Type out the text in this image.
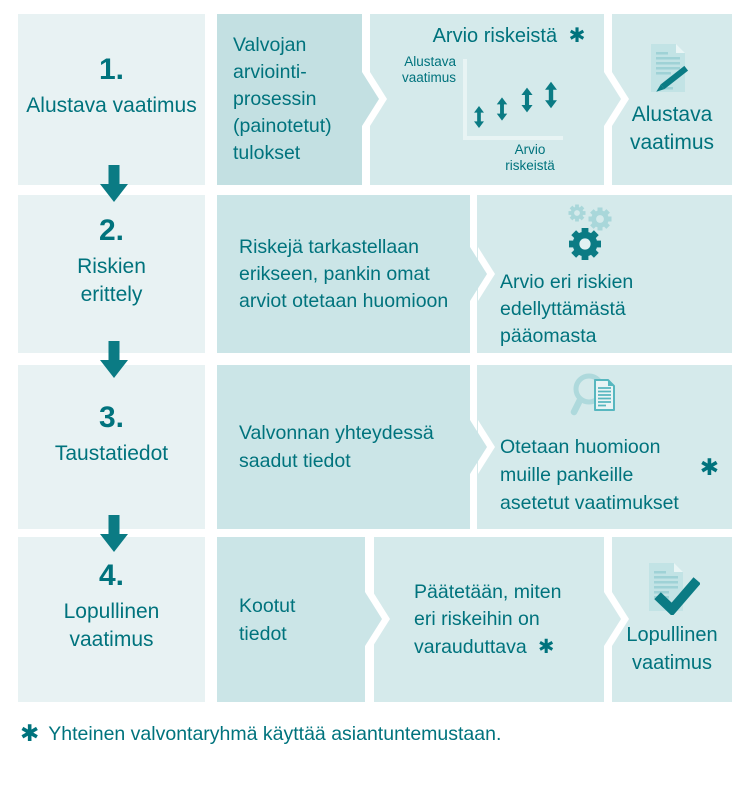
1.
Alustava vaatimus
Valvojan
arviointi-
prosessin
(painotetut)
tulokset
Arvio riskeistä ✱
Alustava
vaatimus
Arvio
riskeistä
Alustava
vaatimus
2.
Riskien
erittely
Riskejä tarkastellaan
erikseen, pankin omat
arviot otetaan huomioon
Arvio eri riskien
edellyttämästä
pääomasta
3.
Taustatiedot
Valvonnan yhteydessä
saadut tiedot
Otetaan huomioon
muille pankeille
asetetut vaatimukset
✱
4.
Lopullinen
vaatimus
Kootut
tiedot
Päätetään, miten
eri riskeihin on
varauduttava ✱	Lopullinen
vaatimus
✱ Yhteinen valvontaryhmä käyttää asiantuntemustaan.
